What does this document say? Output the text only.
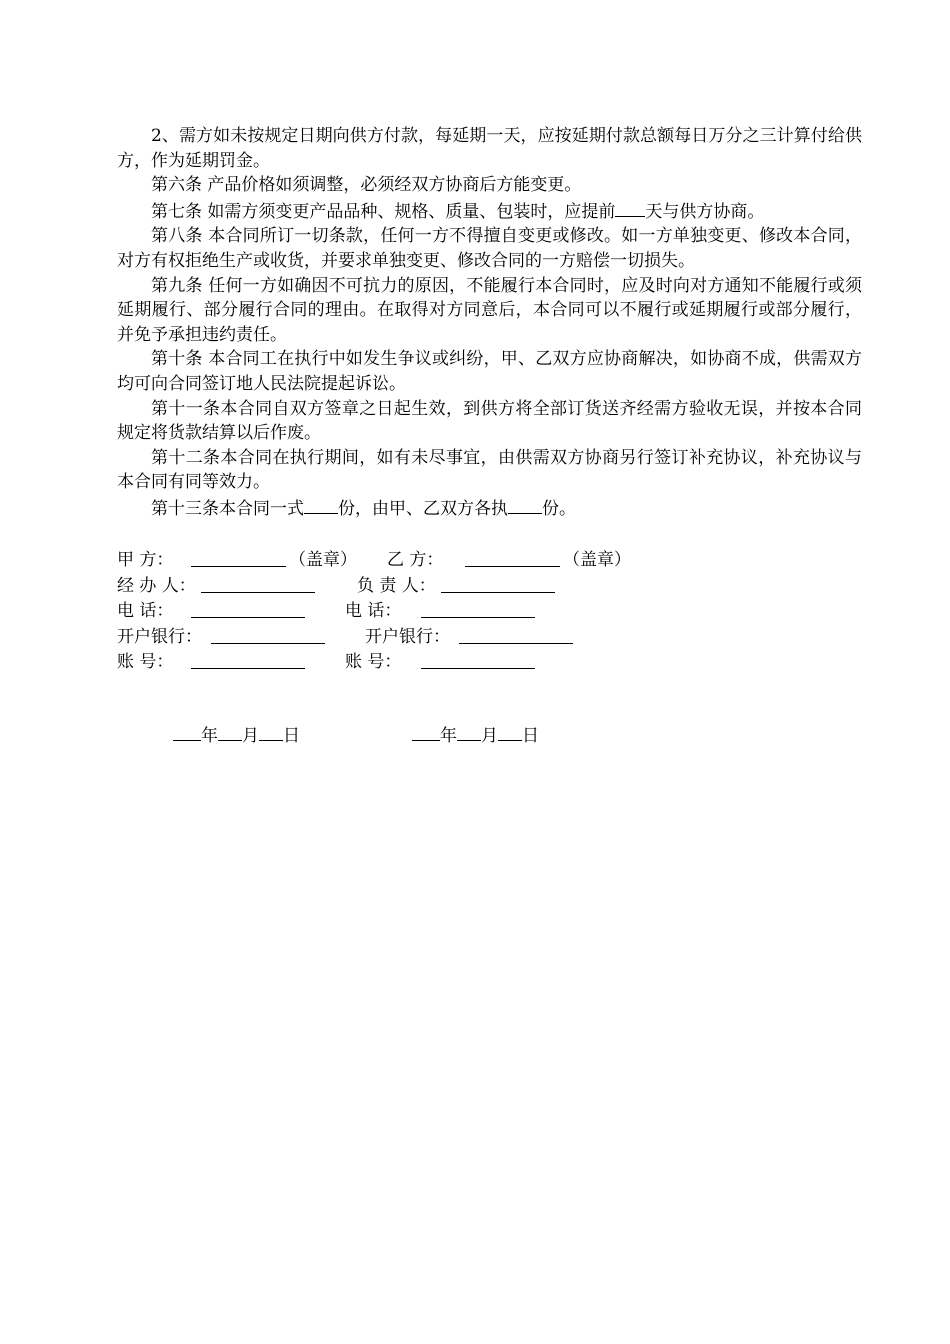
2、需方如未按规定日期向供方付款，每延期一天，应按延期付款总额每日万分之三计算付给供方，作为延期罚金。

第六条 产品价格如须调整，必须经双方协商后方能变更。

第七条 如需方须变更产品品种、规格、质量、包装时，应提前 天与供方协商。

第八条 本合同所订一切条款，任何一方不得擅自变更或修改。如一方单独变更、修改本合同，对方有权拒绝生产或收货，并要求单独变更、修改合同的一方赔偿一切损失。

第九条 任何一方如确因不可抗力的原因，不能履行本合同时，应及时向对方通知不能履行或须延期履行、部分履行合同的理由。在取得对方同意后，本合同可以不履行或延期履行或部分履行，并免予承担违约责任。

第十条 本合同工在执行中如发生争议或纠纷，甲、乙双方应协商解决，如协商不成，供需双方均可向合同签订地人民法院提起诉讼。

第十一条本合同自双方签章之日起生效，到供方将全部订货送齐经需方验收无误，并按本合同规定将货款结算以后作废。

第十二条本合同在执行期间，如有未尽事宜，由供需双方协商另行签订补充协议，补充协议与本合同有同等效力。

第十三条本合同一式 份，由甲、乙双方各执 份。

甲 方：	（盖章） 乙 方：	（盖章）
经 办 人：	负 责 人：
电 话：	电 话：
开户银行：	开户银行：
账 号：	账 号：
年 月 日	年 月 日
